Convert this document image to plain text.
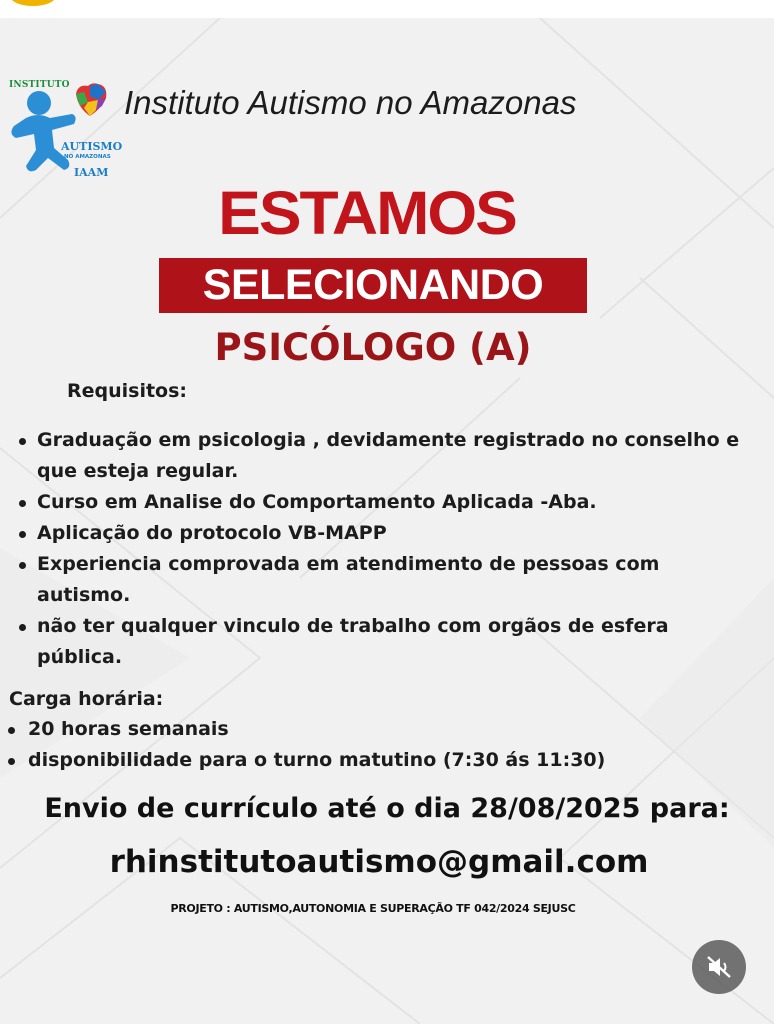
INSTITUTO
AUTISMO
NO AMAZONAS
IAAM
Instituto Autismo no Amazonas
ESTAMOS
SELECIONANDO
PSICÓLOGO (A)
Requisitos:
Graduação em psicologia , devidamente registrado no conselho e que esteja regular.
Curso em Analise do Comportamento Aplicada -Aba.
Aplicação do protocolo VB-MAPP
Experiencia comprovada em atendimento de pessoas com autismo.
não ter qualquer vinculo de trabalho com orgãos de esfera pública.
Carga horária:
20 horas semanais
disponibilidade para o turno matutino (7:30 ás 11:30)
Envio de currículo até o dia 28/08/2025 para:
rhinstitutoautismo@gmail.com
PROJETO : AUTISMO,AUTONOMIA E SUPERAÇÃO TF 042/2024 SEJUSC
